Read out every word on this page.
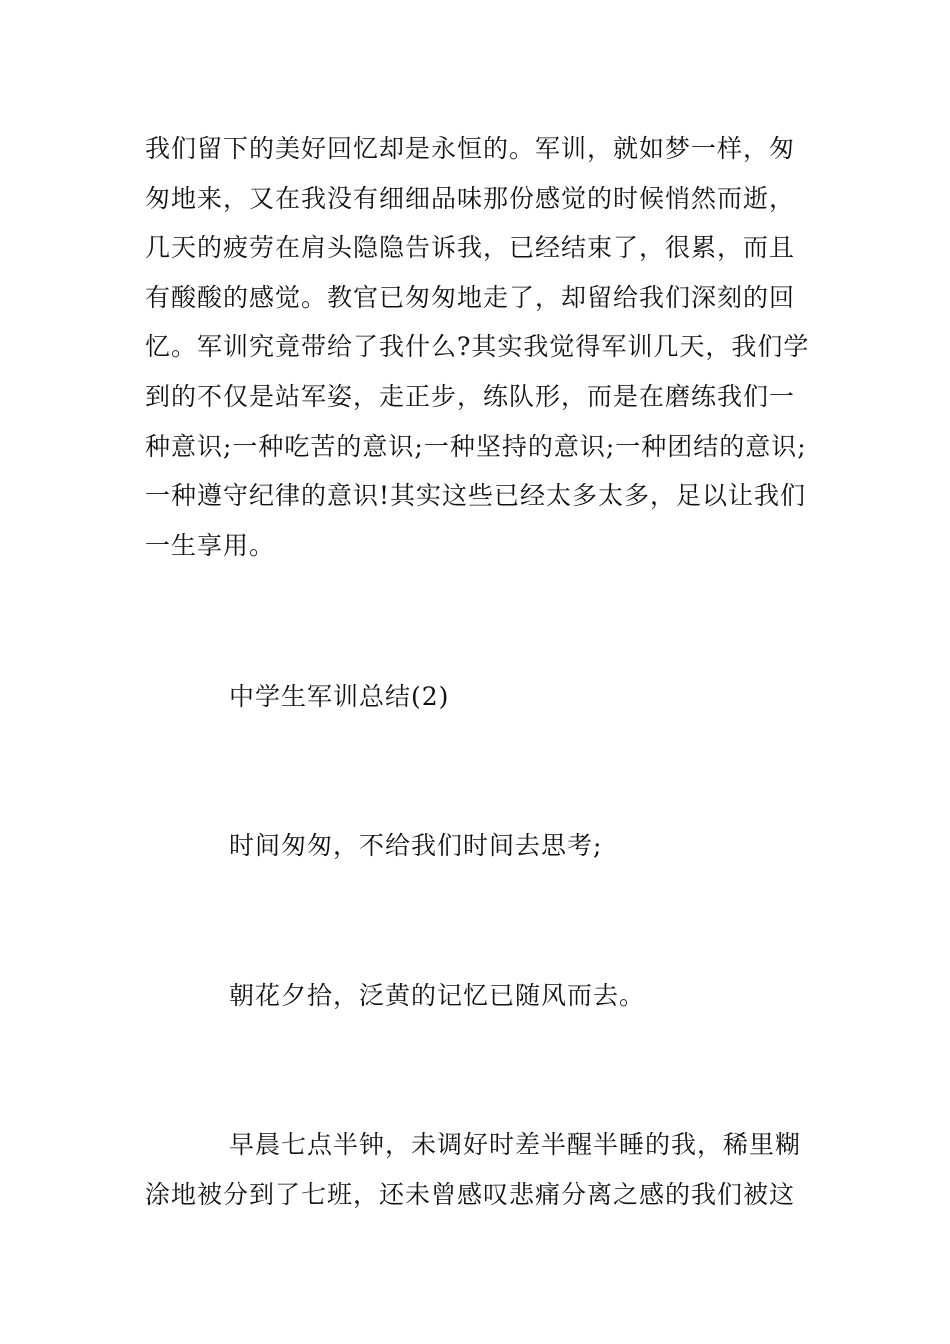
我们留下的美好回忆却是永恒的。军训，就如梦一样，匆
匆地来，又在我没有细细品味那份感觉的时候悄然而逝，
几天的疲劳在肩头隐隐告诉我，已经结束了，很累，而且
有酸酸的感觉。教官已匆匆地走了，却留给我们深刻的回
忆。军训究竟带给了我什么?其实我觉得军训几天，我们学
到的不仅是站军姿，走正步，练队形，而是在磨练我们一
种意识;一种吃苦的意识;一种坚持的意识;一种团结的意识;
一种遵守纪律的意识!其实这些已经太多太多，足以让我们
一生享用。
中学生军训总结(2)
时间匆匆，不给我们时间去思考;
朝花夕拾，泛黄的记忆已随风而去。
早晨七点半钟，未调好时差半醒半睡的我，稀里糊
涂地被分到了七班，还未曾感叹悲痛分离之感的我们被这
